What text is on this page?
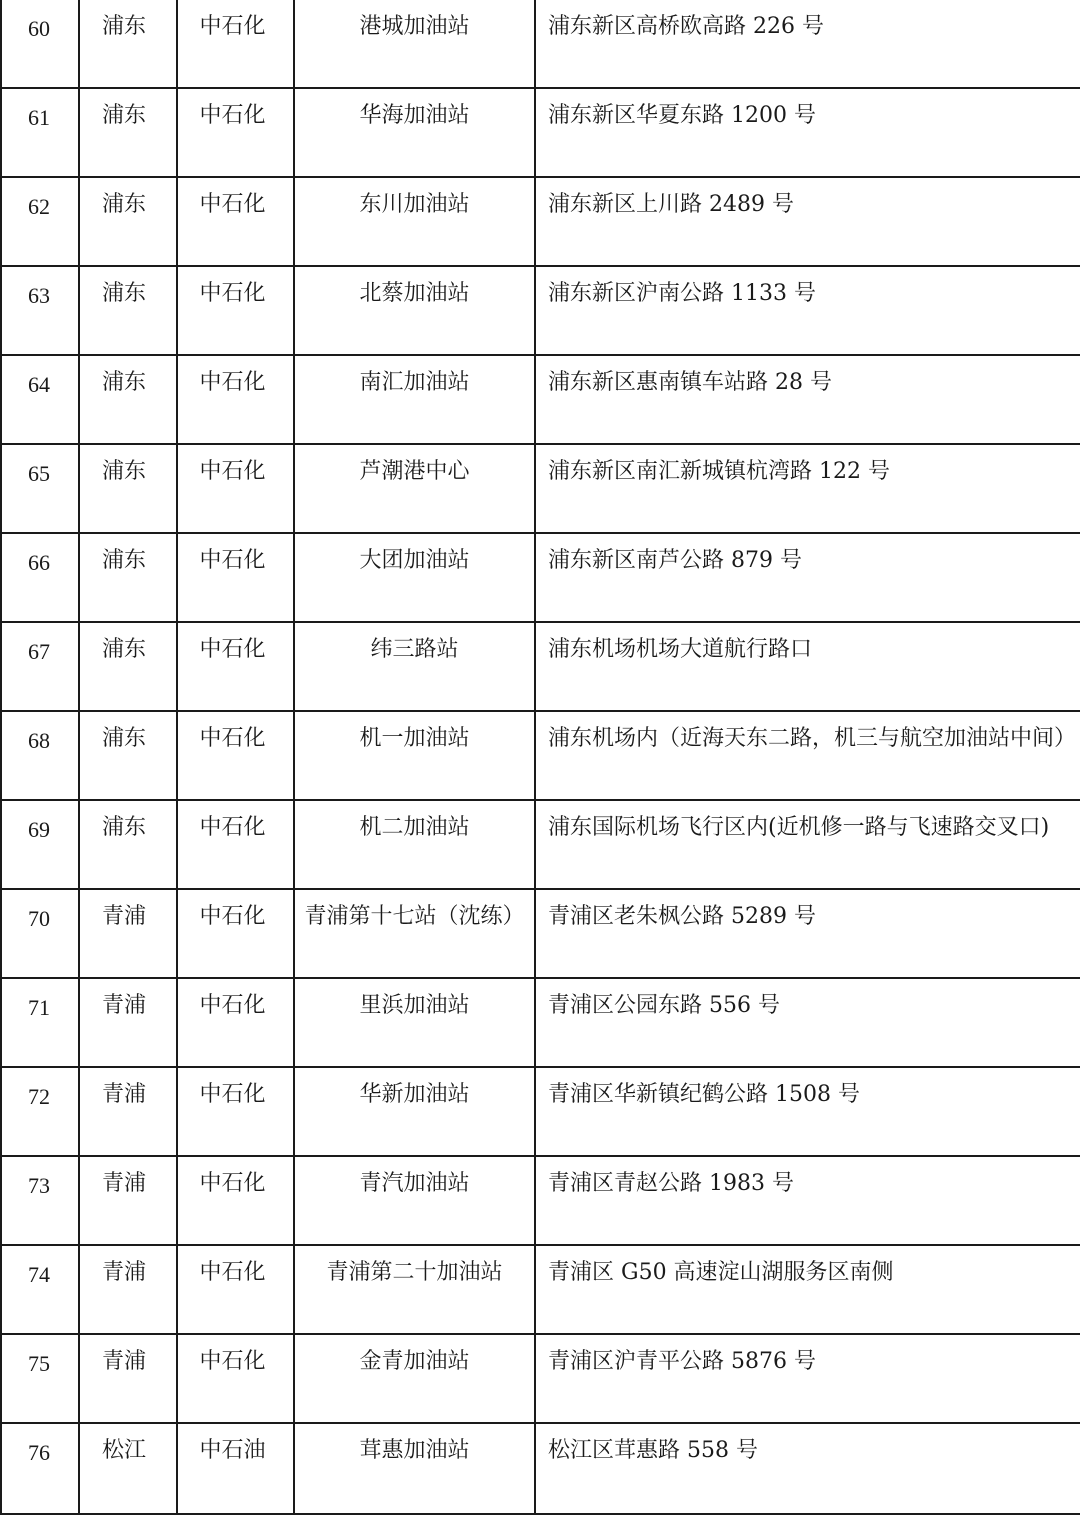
60	浦东	中石化	港城加油站	浦东新区高桥欧高路 226 号
61	浦东	中石化	华海加油站	浦东新区华夏东路 1200 号
62	浦东	中石化	东川加油站	浦东新区上川路 2489 号
63	浦东	中石化	北蔡加油站	浦东新区沪南公路 1133 号
64	浦东	中石化	南汇加油站	浦东新区惠南镇车站路 28 号
65	浦东	中石化	芦潮港中心	浦东新区南汇新城镇杭湾路 122 号
66	浦东	中石化	大团加油站	浦东新区南芦公路 879 号
67	浦东	中石化	纬三路站	浦东机场机场大道航行路口
68	浦东	中石化	机一加油站	浦东机场内（近海天东二路，机三与航空加油站中间）
69	浦东	中石化	机二加油站	浦东国际机场飞行区内(近机修一路与飞速路交叉口)
70	青浦	中石化	青浦第十七站（沈练）	青浦区老朱枫公路 5289 号
71	青浦	中石化	里浜加油站	青浦区公园东路 556 号
72	青浦	中石化	华新加油站	青浦区华新镇纪鹤公路 1508 号
73	青浦	中石化	青汽加油站	青浦区青赵公路 1983 号
74	青浦	中石化	青浦第二十加油站	青浦区 G50 高速淀山湖服务区南侧
75	青浦	中石化	金青加油站	青浦区沪青平公路 5876 号
76	松江	中石油	茸惠加油站	松江区茸惠路 558 号
